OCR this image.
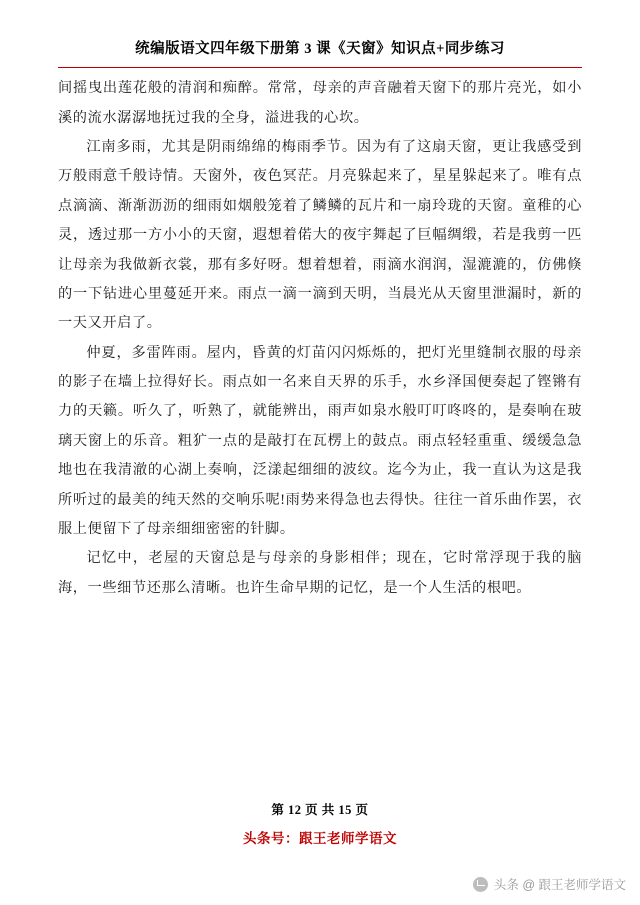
统编版语文四年级下册第 3 课《天窗》知识点+同步练习

间摇曳出莲花般的清润和痴醉。常常，母亲的声音融着天窗下的那片亮光，如小溪的流水潺潺地抚过我的全身，溢进我的心坎。

江南多雨，尤其是阴雨绵绵的梅雨季节。因为有了这扇天窗，更让我感受到万般雨意千般诗情。天窗外，夜色冥茫。月亮躲起来了，星星躲起来了。唯有点点滴滴、渐渐沥沥的细雨如烟般笼着了鳞鳞的瓦片和一扇玲珑的天窗。童稚的心灵，透过那一方小小的天窗，遐想着偌大的夜宇舞起了巨幅绸缎，若是我剪一匹让母亲为我做新衣裳，那有多好呀。想着想着，雨滴水润润，湿漉漉的，仿佛倏的一下钻进心里蔓延开来。雨点一滴一滴到天明，当晨光从天窗里泄漏时，新的一天又开启了。

仲夏，多雷阵雨。屋内，昏黄的灯苗闪闪烁烁的，把灯光里缝制衣服的母亲的影子在墙上拉得好长。雨点如一名来自天界的乐手，水乡泽国便奏起了铿锵有力的天籁。听久了，听熟了，就能辨出，雨声如泉水般叮叮咚咚的，是奏响在玻璃天窗上的乐音。粗犷一点的是敲打在瓦楞上的鼓点。雨点轻轻重重、缓缓急急地也在我清澈的心湖上奏响，泛漾起细细的波纹。迄今为止，我一直认为这是我所听过的最美的纯天然的交响乐呢!雨势来得急也去得快。往往一首乐曲作罢，衣服上便留下了母亲细细密密的针脚。

记忆中，老屋的天窗总是与母亲的身影相伴；现在，它时常浮现于我的脑海，一些细节还那么清晰。也许生命早期的记忆，是一个人生活的根吧。

第 12 页 共 15 页
头条号：跟王老师学语文
头条 @ 跟王老师学语文
